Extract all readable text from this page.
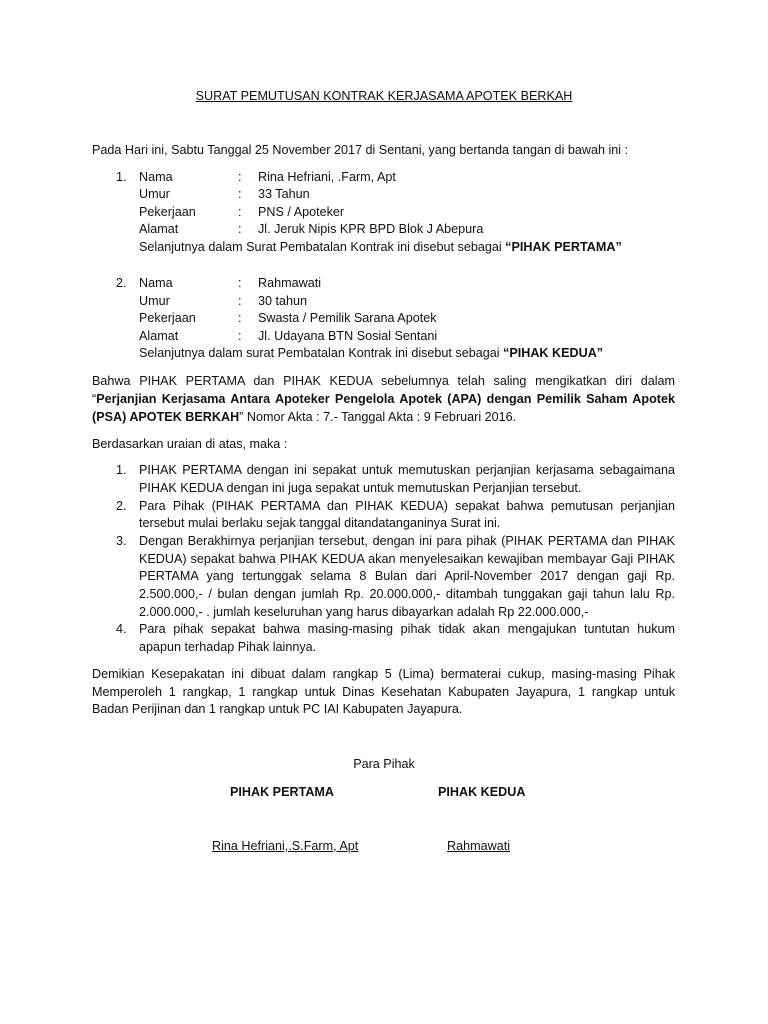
SURAT PEMUTUSAN KONTRAK KERJASAMA APOTEK BERKAH
Pada Hari ini, Sabtu Tanggal 25 November 2017 di Sentani, yang bertanda tangan di bawah ini :
1. Nama	: Rina Hefriani, .Farm, Apt
Umur	: 33 Tahun
Pekerjaan	: PNS / Apoteker
Alamat	: Jl. Jeruk Nipis KPR BPD Blok J Abepura
Selanjutnya dalam Surat Pembatalan Kontrak ini disebut sebagai “PIHAK PERTAMA”
2. Nama	: Rahmawati
Umur	: 30 tahun
Pekerjaan	: Swasta / Pemilik Sarana Apotek
Alamat	: Jl. Udayana BTN Sosial Sentani
Selanjutnya dalam surat Pembatalan Kontrak ini disebut sebagai “PIHAK KEDUA”
Bahwa PIHAK PERTAMA dan PIHAK KEDUA sebelumnya telah saling mengikatkan diri dalam
“Perjanjian Kerjasama Antara Apoteker Pengelola Apotek (APA) dengan Pemilik Saham Apotek
(PSA) APOTEK BERKAH” Nomor Akta : 7.- Tanggal Akta : 9 Februari 2016.
Berdasarkan uraian di atas, maka :
1. PIHAK PERTAMA dengan ini sepakat untuk memutuskan perjanjian kerjasama sebagaimana
PIHAK KEDUA dengan ini juga sepakat untuk memutuskan Perjanjian tersebut.
2. Para Pihak (PIHAK PERTAMA dan PIHAK KEDUA) sepakat bahwa pemutusan perjanjian
tersebut mulai berlaku sejak tanggal ditandatanganinya Surat ini.
3. Dengan Berakhirnya perjanjian tersebut, dengan ini para pihak (PIHAK PERTAMA dan PIHAK
KEDUA) sepakat bahwa PIHAK KEDUA akan menyelesaikan kewajiban membayar Gaji PIHAK
PERTAMA yang tertunggak selama 8 Bulan dari April-November 2017 dengan gaji Rp.
2.500.000,- / bulan dengan jumlah Rp. 20.000.000,- ditambah tunggakan gaji tahun lalu Rp.
2.000.000,- . jumlah keseluruhan yang harus dibayarkan adalah Rp 22.000.000,-
4. Para pihak sepakat bahwa masing-masing pihak tidak akan mengajukan tuntutan hukum
apapun terhadap Pihak lainnya.
Demikian Kesepakatan ini dibuat dalam rangkap 5 (Lima) bermaterai cukup, masing-masing Pihak
Memperoleh 1 rangkap, 1 rangkap untuk Dinas Kesehatan Kabupaten Jayapura, 1 rangkap untuk
Badan Perijinan dan 1 rangkap untuk PC IAI Kabupaten Jayapura.
Para Pihak
PIHAK PERTAMA	PIHAK KEDUA
Rina Hefriani,.S.Farm, Apt	Rahmawati
